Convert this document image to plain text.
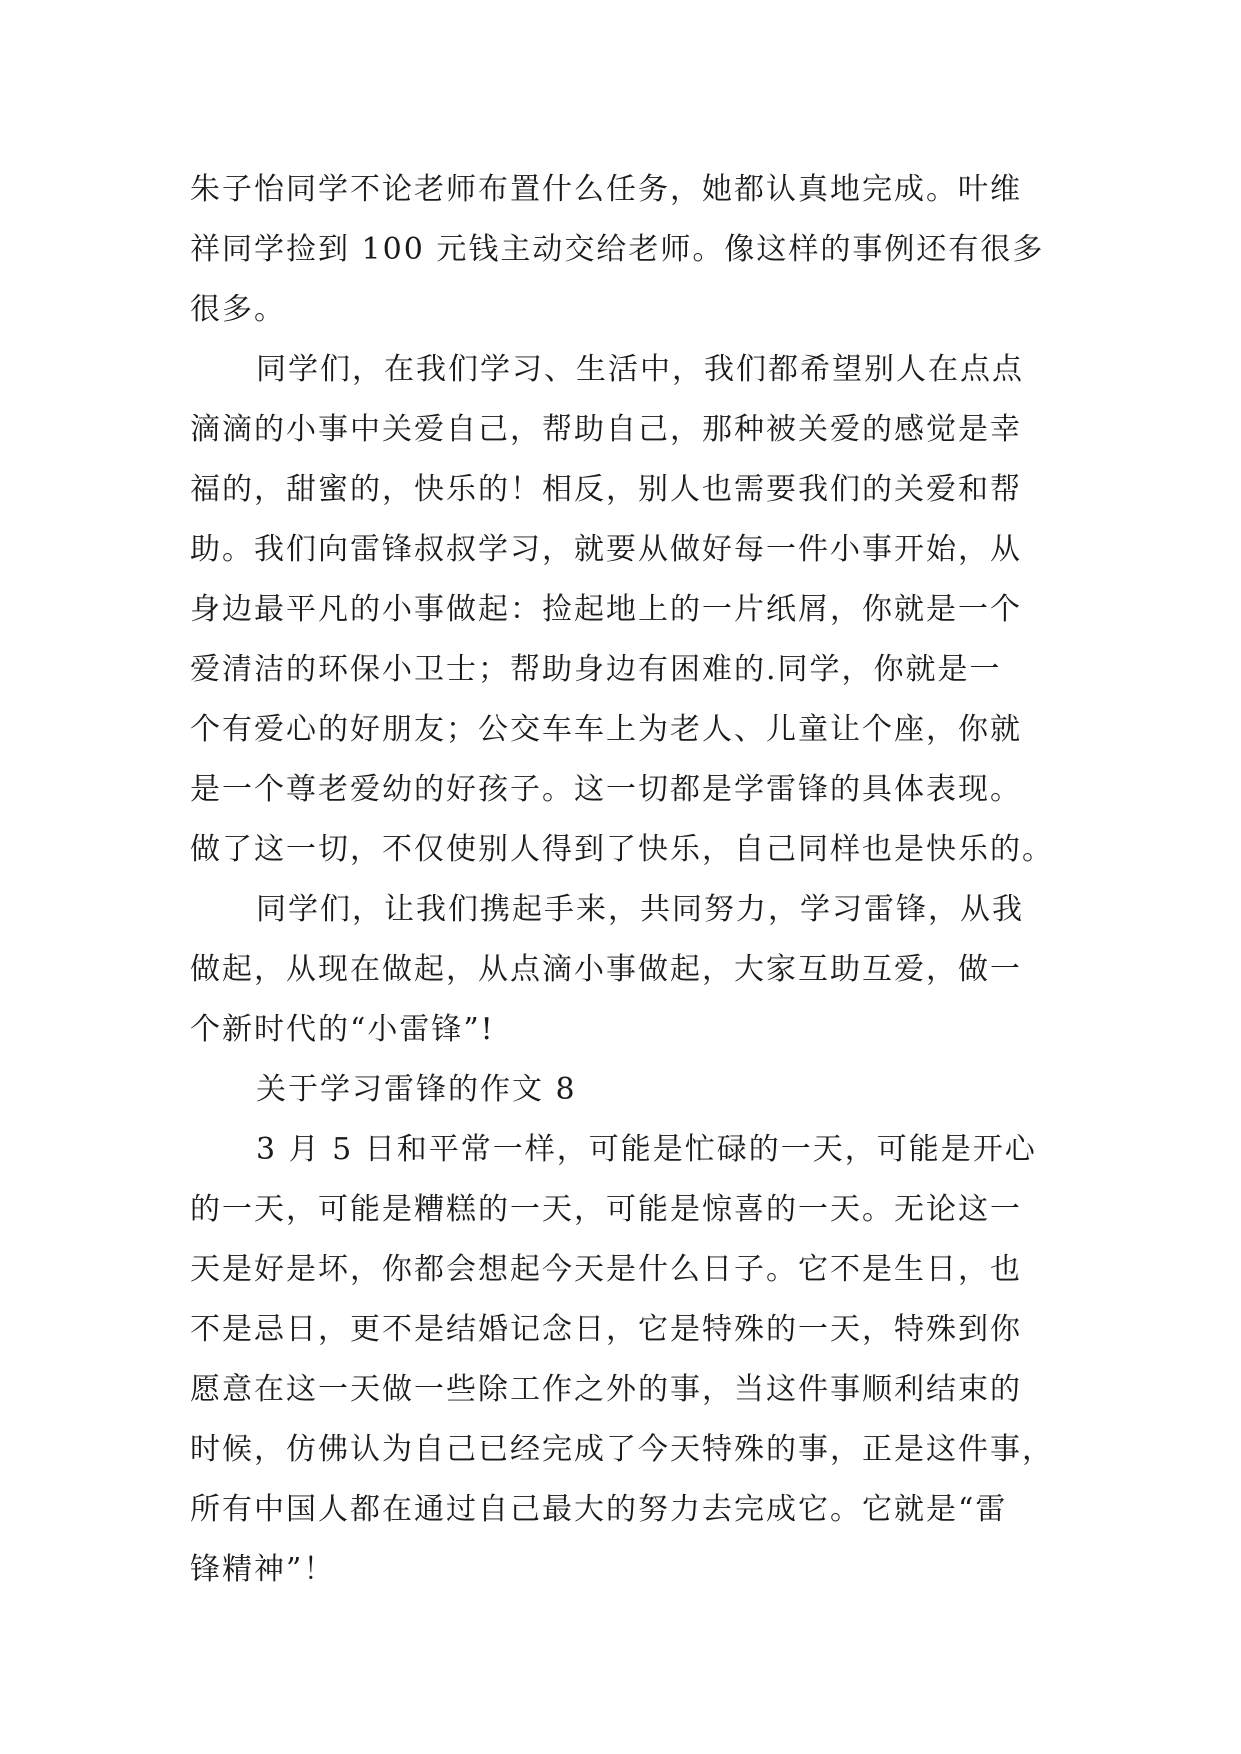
朱子怡同学不论老师布置什么任务，她都认真地完成。叶维
祥同学捡到 100 元钱主动交给老师。像这样的事例还有很多
很多。
同学们，在我们学习、生活中，我们都希望别人在点点
滴滴的小事中关爱自己，帮助自己，那种被关爱的感觉是幸
福的，甜蜜的，快乐的！相反，别人也需要我们的关爱和帮
助。我们向雷锋叔叔学习，就要从做好每一件小事开始，从
身边最平凡的小事做起：捡起地上的一片纸屑，你就是一个
爱清洁的环保小卫士；帮助身边有困难的.同学，你就是一
个有爱心的好朋友；公交车车上为老人、儿童让个座，你就
是一个尊老爱幼的好孩子。这一切都是学雷锋的具体表现。
做了这一切，不仅使别人得到了快乐，自己同样也是快乐的。
同学们，让我们携起手来，共同努力，学习雷锋，从我
做起，从现在做起，从点滴小事做起，大家互助互爱，做一
个新时代的“小雷锋”!
关于学习雷锋的作文 8
3 月 5 日和平常一样，可能是忙碌的一天，可能是开心
的一天，可能是糟糕的一天，可能是惊喜的一天。无论这一
天是好是坏，你都会想起今天是什么日子。它不是生日，也
不是忌日，更不是结婚记念日，它是特殊的一天，特殊到你
愿意在这一天做一些除工作之外的事，当这件事顺利结束的
时候，仿佛认为自己已经完成了今天特殊的事，正是这件事，
所有中国人都在通过自己最大的努力去完成它。它就是“雷
锋精神”！
